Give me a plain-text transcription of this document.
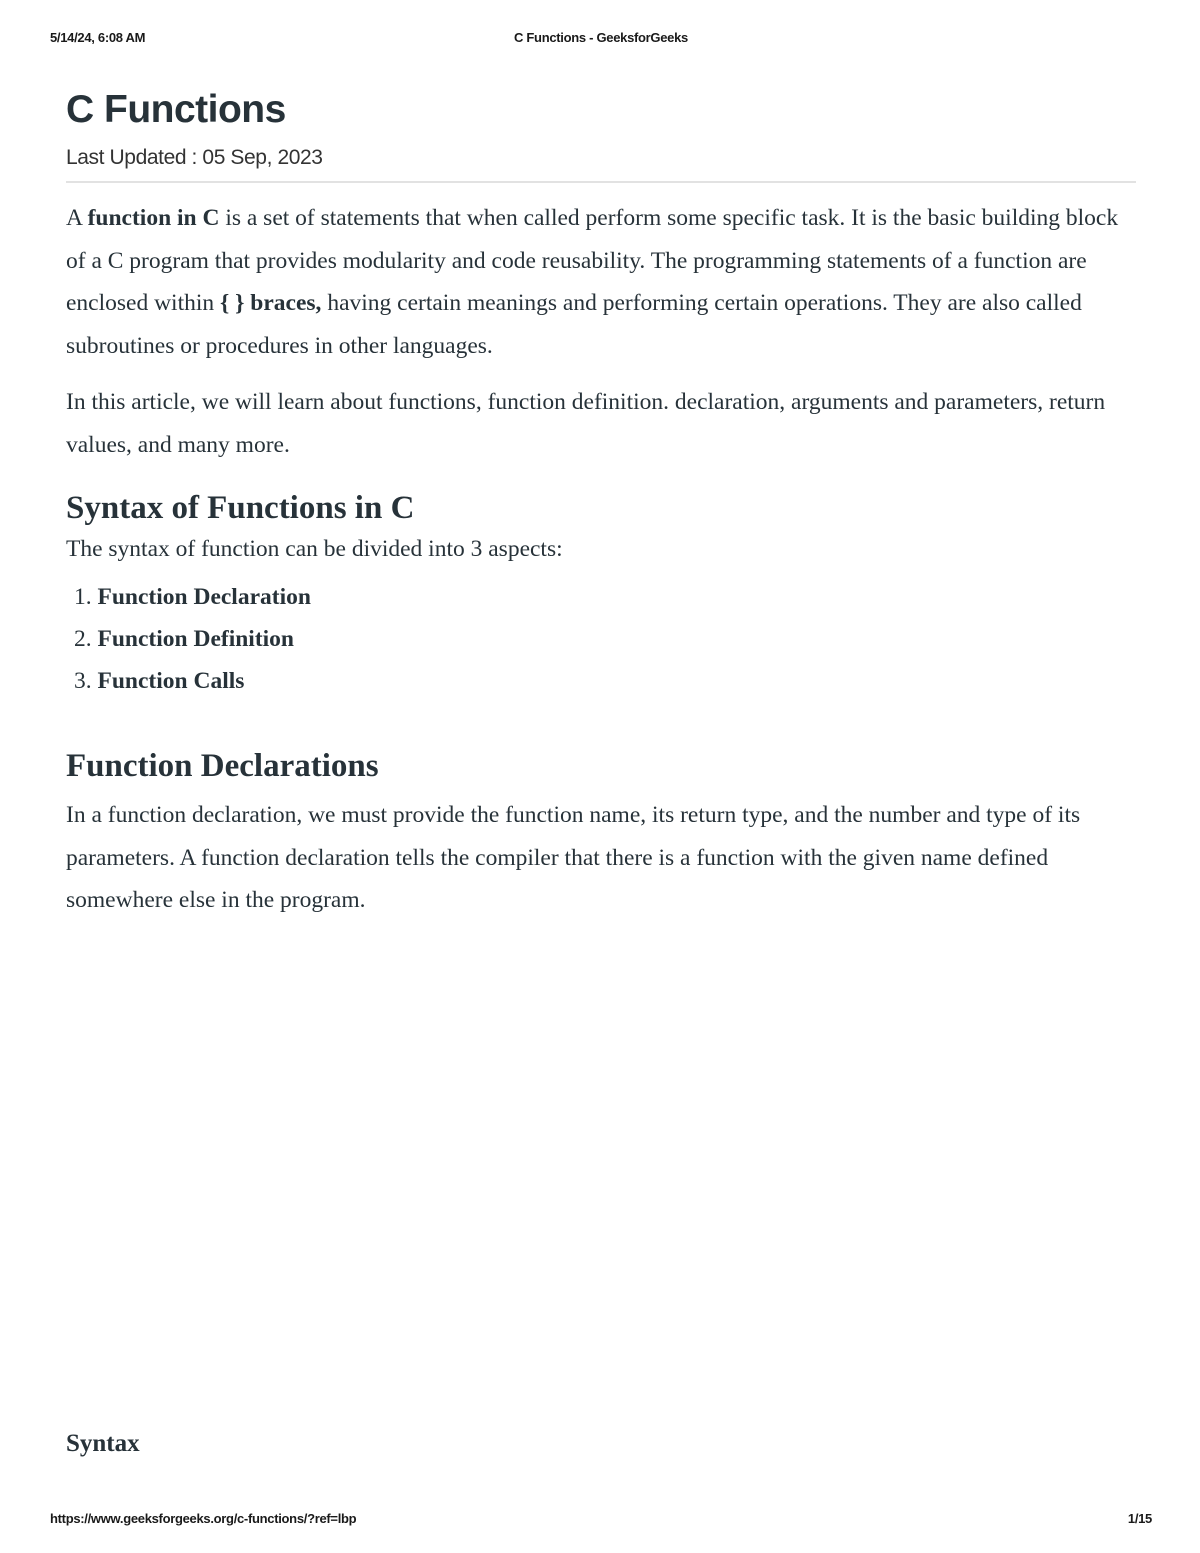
5/14/24, 6:08 AM	C Functions - GeeksforGeeks
C Functions
Last Updated : 05 Sep, 2023

A function in C is a set of statements that when called perform some specific task. It is the basic building block of a C program that provides modularity and code reusability. The programming statements of a function are enclosed within { } braces, having certain meanings and performing certain operations. They are also called subroutines or procedures in other languages.

In this article, we will learn about functions, function definition. declaration, arguments and parameters, return values, and many more.

Syntax of Functions in C

The syntax of function can be divided into 3 aspects:

1. Function Declaration
2. Function Definition
3. Function Calls
Function Declarations

In a function declaration, we must provide the function name, its return type, and the number and type of its parameters. A function declaration tells the compiler that there is a function with the given name defined somewhere else in the program.

Syntax
https://www.geeksforgeeks.org/c-functions/?ref=lbp	1/15
